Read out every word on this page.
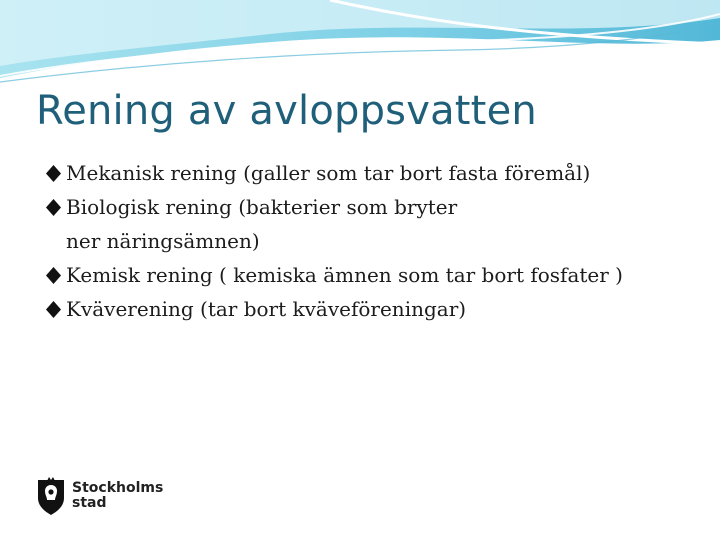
Rening av avloppsvatten
Mekanisk rening (galler som tar bort fasta föremål)
Biologisk rening (bakterier som bryter ner näringsämnen)
Kemisk rening ( kemiska ämnen som tar bort fosfater )
Kväverening (tar bort kväveföreningar)
Stockholms stad
